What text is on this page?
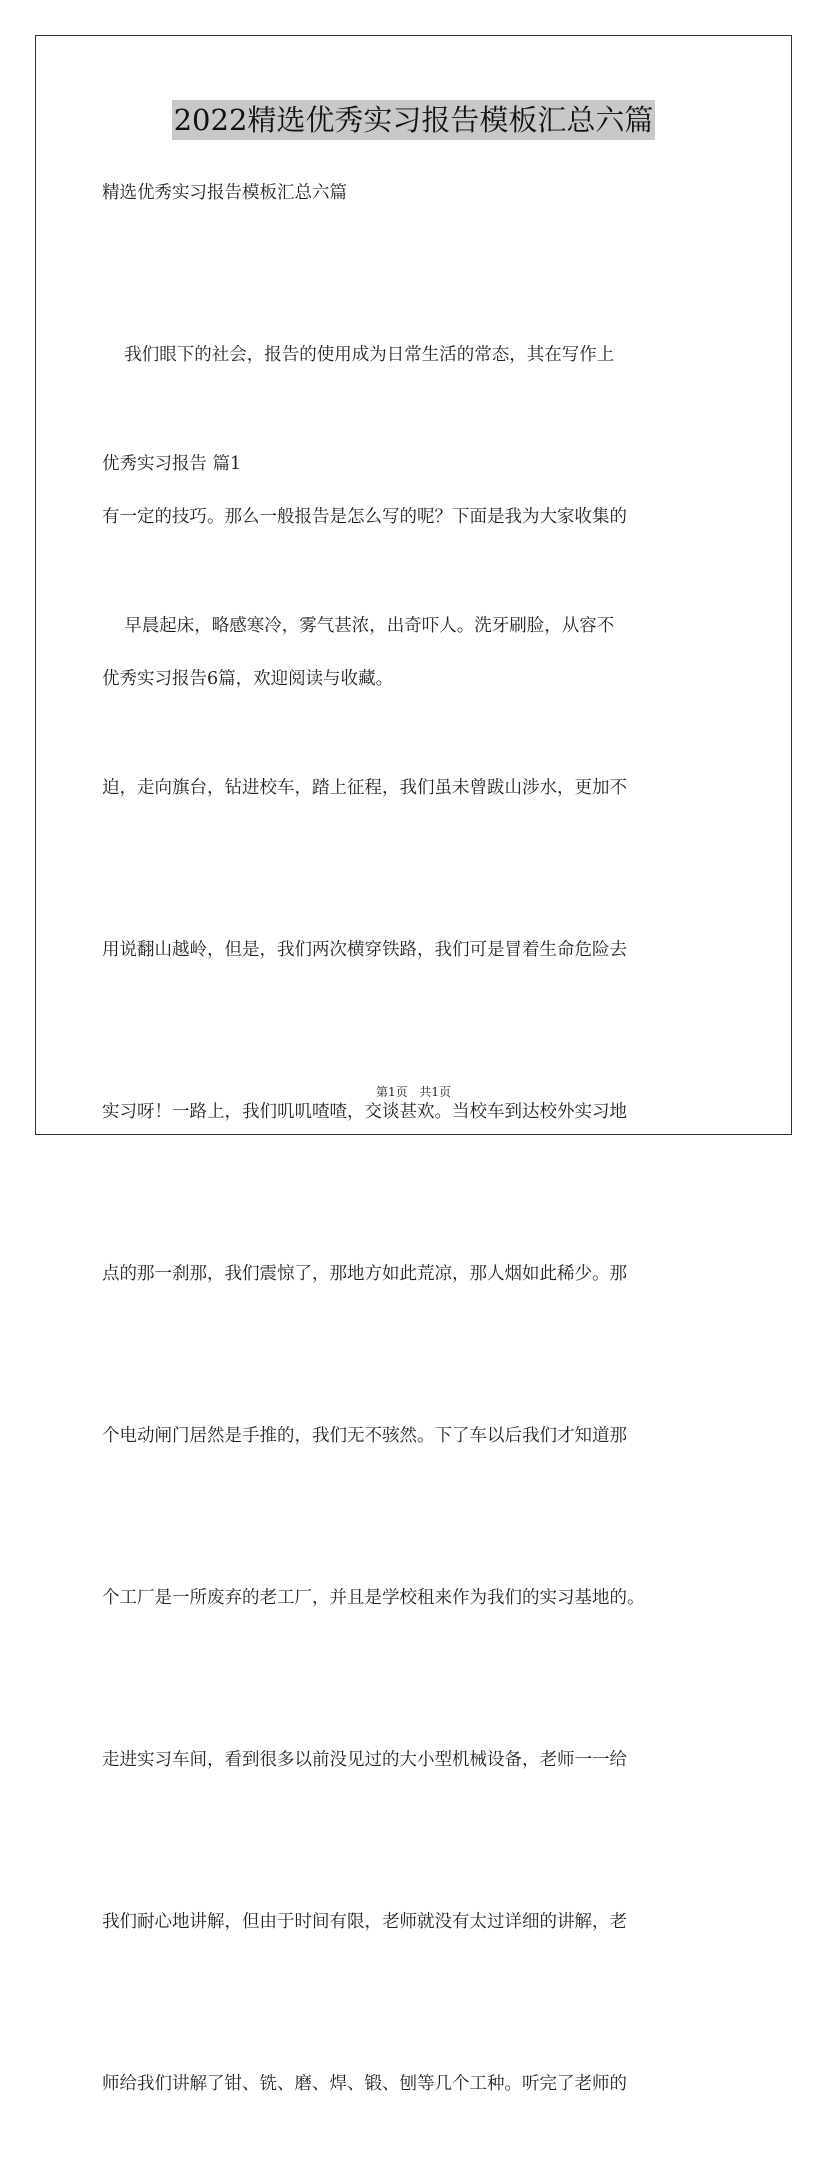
2022精选优秀实习报告模板汇总六篇
精选优秀实习报告模板汇总六篇

我们眼下的社会，报告的使用成为日常生活的常态，其在写作上

有一定的技巧。那么一般报告是怎么写的呢？下面是我为大家收集的

优秀实习报告6篇，欢迎阅读与收藏。

优秀实习报告 篇1

早晨起床，略感寒冷，雾气甚浓，出奇吓人。洗牙刷脸，从容不

迫，走向旗台，钻进校车，踏上征程，我们虽未曾跋山涉水，更加不

用说翻山越岭，但是，我们两次横穿铁路，我们可是冒着生命危险去

实习呀！一路上，我们叽叽喳喳，交谈甚欢。当校车到达校外实习地

点的那一刹那，我们震惊了，那地方如此荒凉，那人烟如此稀少。那

个电动闸门居然是手推的，我们无不骇然。下了车以后我们才知道那

个工厂是一所废弃的老工厂，并且是学校租来作为我们的实习基地的。

走进实习车间，看到很多以前没见过的大小型机械设备，老师一一给

我们耐心地讲解，但由于时间有限，老师就没有太过详细的讲解，老

师给我们讲解了钳、铣、磨、焊、锻、刨等几个工种。听完了老师的

第1页 共1页
